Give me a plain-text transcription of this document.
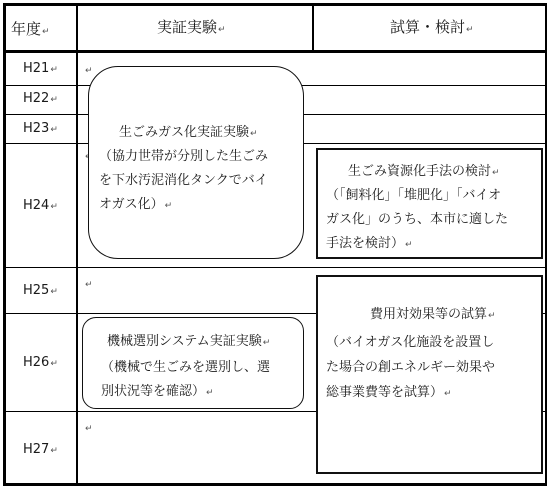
年度 ↵	実証実験 ↵	試算・検討 ↵
H21 ↵
H22 ↵
H23 ↵
H24 ↵
H25 ↵
H26 ↵
H27 ↵
↵
↵
↵
↵
生ごみガス化実証実験 ↵
（協力世帯が分別した生ごみ
を下水汚泥消化タンクでバイ
オガス化） ↵
生ごみ資源化手法の検討 ↵
（「飼料化」「堆肥化」「バイオ
ガス化」のうち、本市に適した
手法を検討） ↵
機械選別システム実証実験 ↵
（機械で生ごみを選別し、選
別状況等を確認） ↵
費用対効果等の試算 ↵
（バイオガス化施設を設置し
た場合の創エネルギー効果や
総事業費等を試算） ↵
